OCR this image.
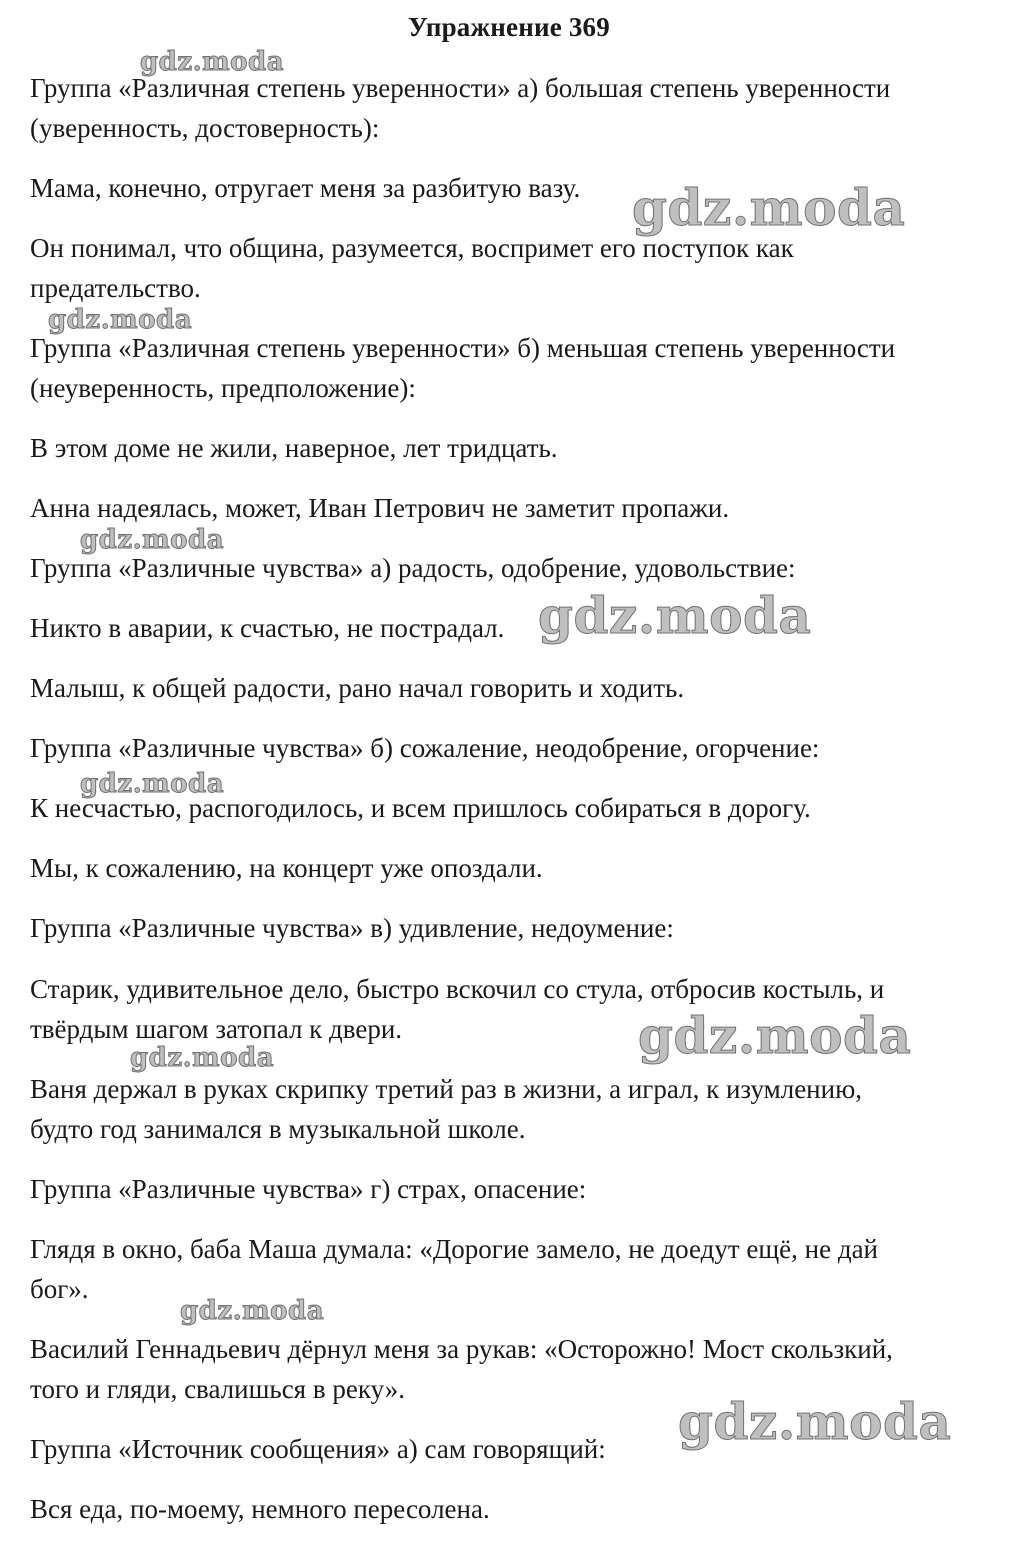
Упражнение 369
Группа «Различная степень уверенности» а) большая степень уверенности
(уверенность, достоверность):
Мама, конечно, отругает меня за разбитую вазу.
Он понимал, что община, разумеется, воспримет его поступок как
предательство.
Группа «Различная степень уверенности» б) меньшая степень уверенности
(неуверенность, предположение):
В этом доме не жили, наверное, лет тридцать.
Анна надеялась, может, Иван Петрович не заметит пропажи.
Группа «Различные чувства» а) радость, одобрение, удовольствие:
Никто в аварии, к счастью, не пострадал.
Малыш, к общей радости, рано начал говорить и ходить.
Группа «Различные чувства» б) сожаление, неодобрение, огорчение:
К несчастью, распогодилось, и всем пришлось собираться в дорогу.
Мы, к сожалению, на концерт уже опоздали.
Группа «Различные чувства» в) удивление, недоумение:
Старик, удивительное дело, быстро вскочил со стула, отбросив костыль, и
твёрдым шагом затопал к двери.
Ваня держал в руках скрипку третий раз в жизни, а играл, к изумлению,
будто год занимался в музыкальной школе.
Группа «Различные чувства» г) страх, опасение:
Глядя в окно, баба Маша думала: «Дорогие замело, не доедут ещё, не дай
бог».
Василий Геннадьевич дёрнул меня за рукав: «Осторожно! Мост скользкий,
того и гляди, свалишься в реку».
Группа «Источник сообщения» а) сам говорящий:
Вся еда, по-моему, немного пересолена.
gdz.moda
gdz.moda
gdz.moda
gdz.moda
gdz.moda
gdz.moda
gdz.moda
gdz.moda
gdz.moda
gdz.moda
